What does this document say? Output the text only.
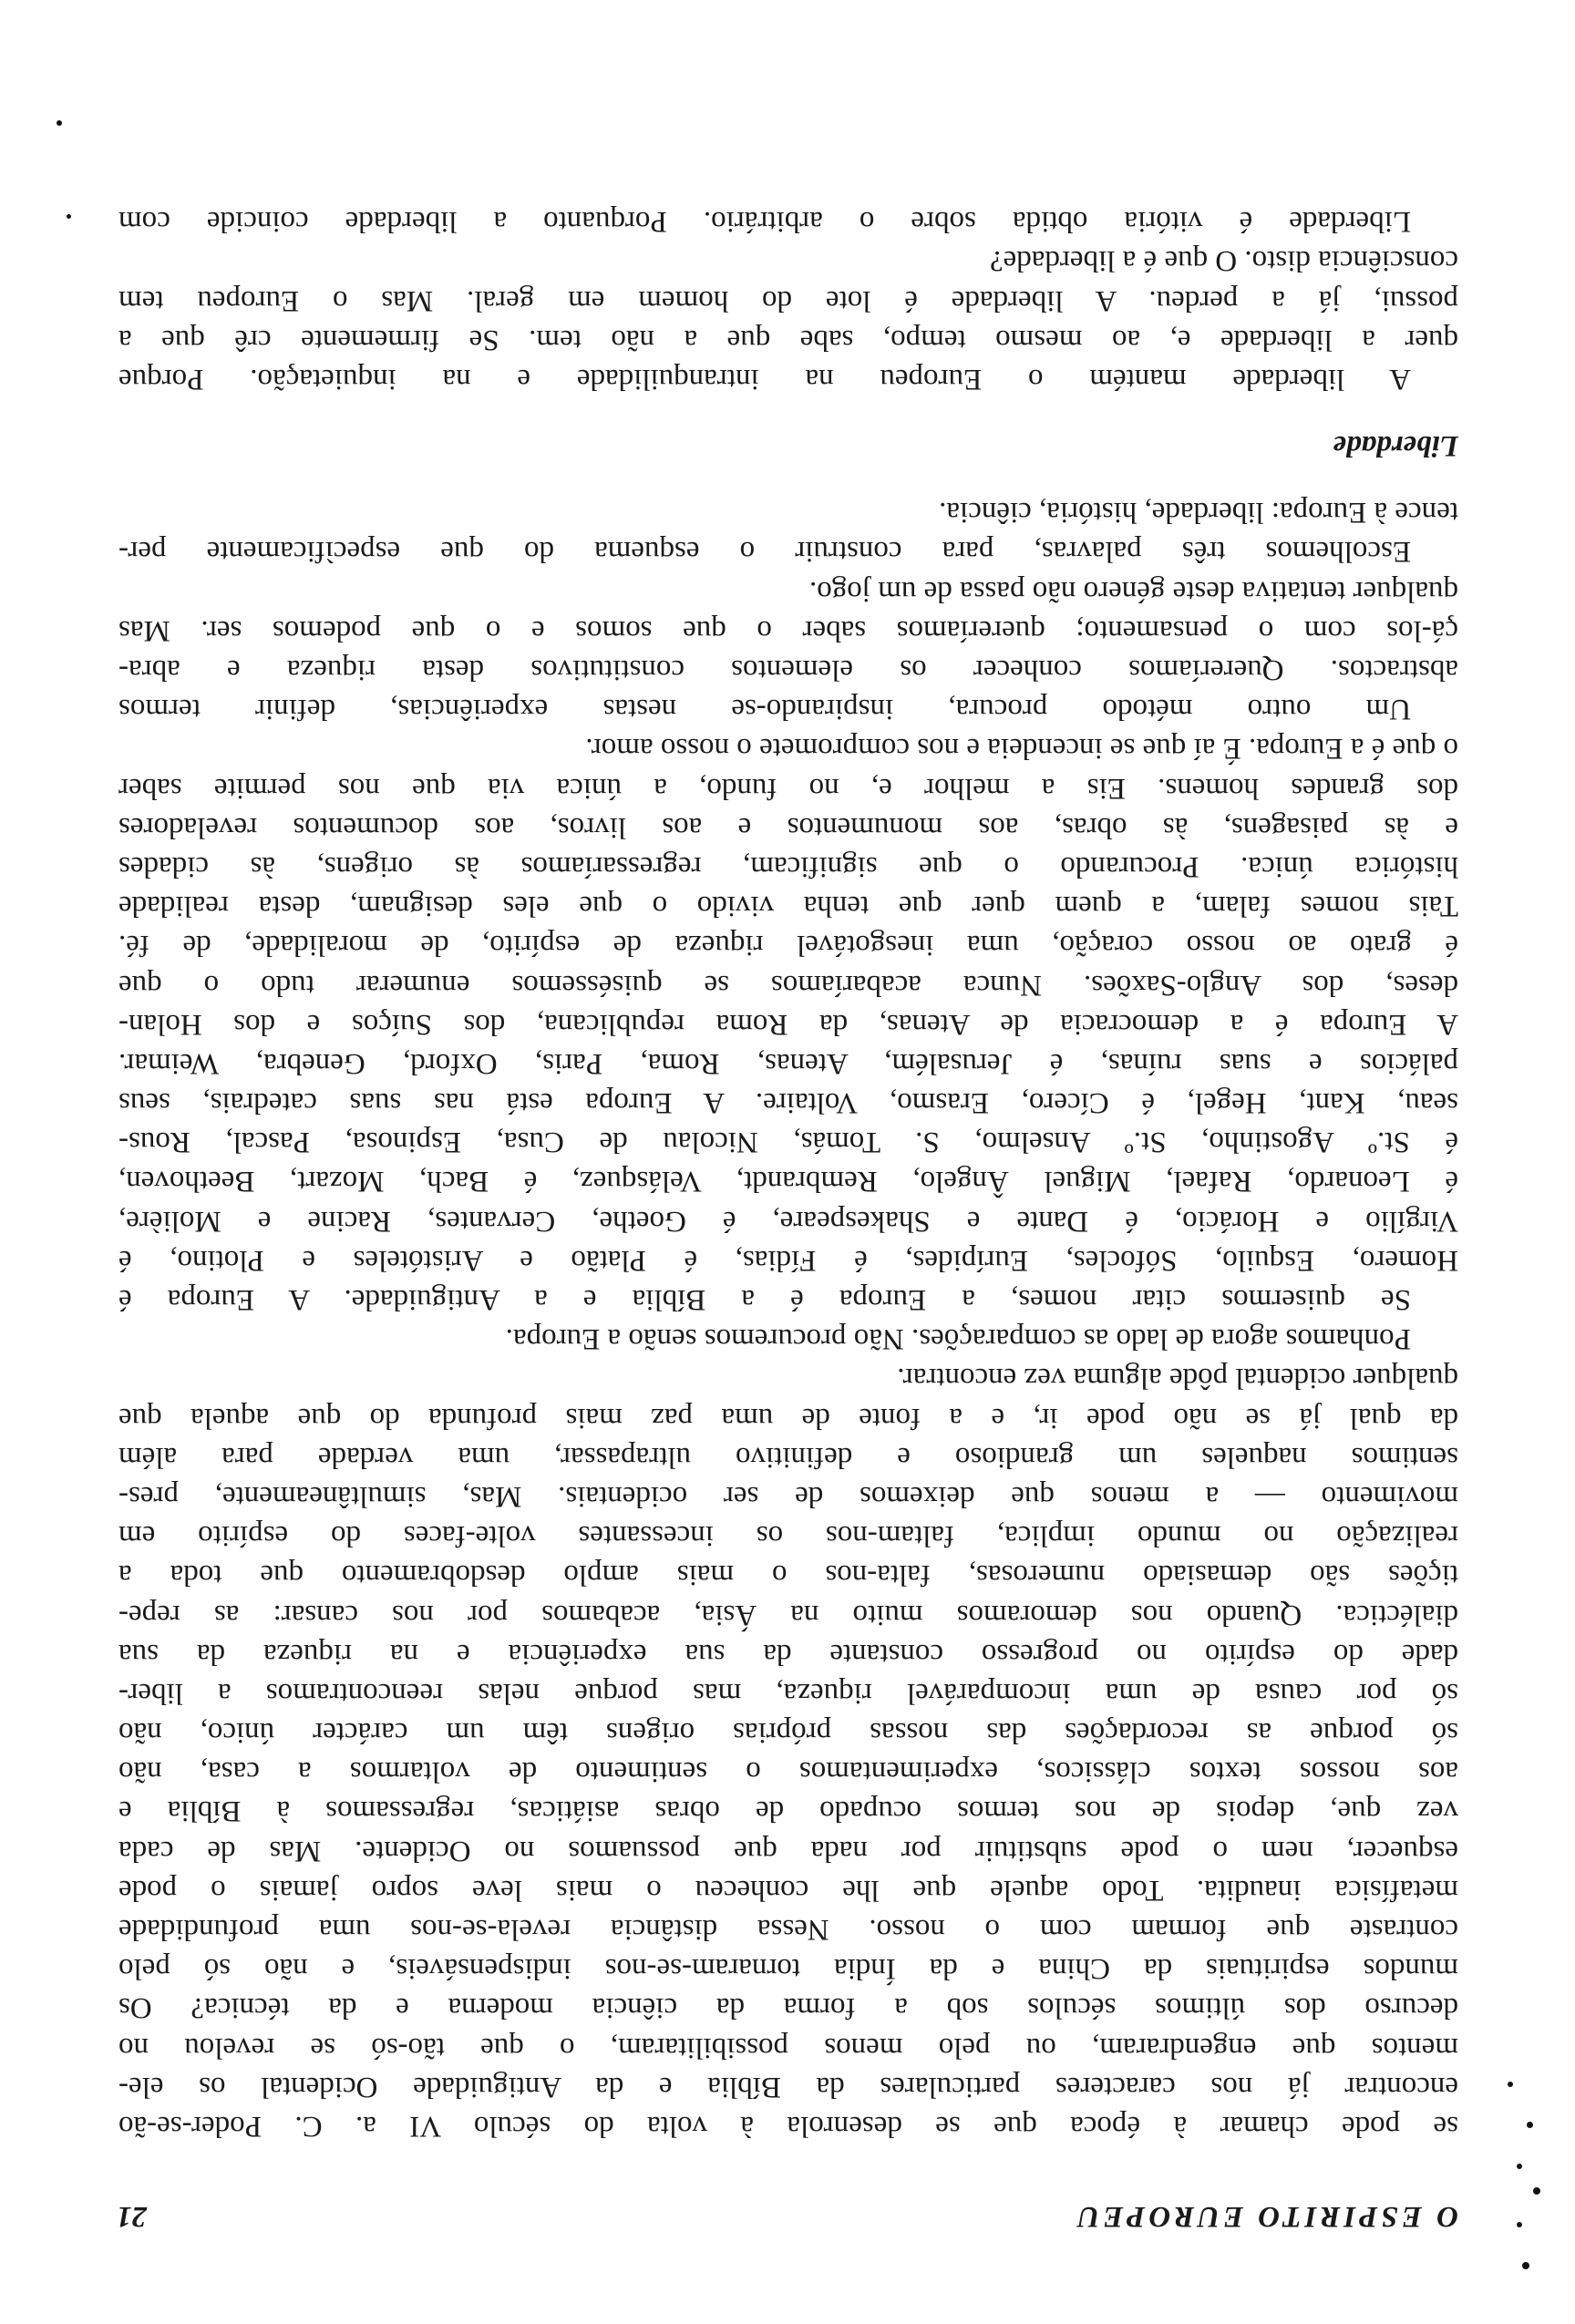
O ESPIRITO EUROPEU
21
se pode chamar à época que se desenrola à volta do século VI a. C. Poder-se-ão
encontrar já nos caracteres particulares da Bíblia e da Antiguidade Ocidental os ele-
mentos que engendraram, ou pelo menos possibilitaram, o que tão-só se revelou no
decurso dos últimos séculos sob a forma da ciência moderna e da técnica? Os
mundos espirituais da China e da Índia tornaram-se-nos indispensáveis, e não só pelo
contraste que formam com o nosso. Nessa distância revela-se-nos uma profundidade
metafísica inaudita. Todo aquele que lhe conheceu o mais leve sopro jamais o pode
esquecer, nem o pode substituir por nada que possuamos no Ocidente. Mas de cada
vez que, depois de nos termos ocupado de obras asiáticas, regressamos à Bíblia e
aos nossos textos clássicos, experimentamos o sentimento de voltarmos a casa, não
só porque as recordações das nossas próprias origens têm um carácter único, não
só por causa de uma incomparável riqueza, mas porque nelas reencontramos a liber-
dade do espírito no progresso constante da sua experiência e na riqueza da sua
dialéctica. Quando nos demoramos muito na Ásia, acabamos por nos cansar: as repe-
tições são demasiado numerosas, falta-nos o mais amplo desdobramento que toda a
realização no mundo implica, faltam-nos os incessantes volte-faces do espírito em
movimento — a menos que deixemos de ser ocidentais. Mas, simultâneamente, pres-
sentimos naqueles um grandioso e definitivo ultrapassar, uma verdade para além
da qual já se não pode ir, e a fonte de uma paz mais profunda do que aquela que
qualquer ocidental pôde alguma vez encontrar.
Ponhamos agora de lado as comparações. Não procuremos senão a Europa.
Se quisermos citar nomes, a Europa é a Bíblia e a Antiguidade. A Europa é
Homero, Esquilo, Sófocles, Eurípides, é Fídias, é Platão e Aristóteles e Plotino, é
Virgílio e Horácio, é Dante e Shakespeare, é Goethe, Cervantes, Racine e Molière,
é Leonardo, Rafael, Miguel Ângelo, Rembrandt, Velásquez, é Bach, Mozart, Beethoven,
é St.º Agostinho, St.º Anselmo, S. Tomás, Nicolau de Cusa, Espinosa, Pascal, Rous-
seau, Kant, Hegel, é Cícero, Erasmo, Voltaire. A Europa está nas suas catedrais, seus
palácios e suas ruínas, é Jerusalém, Atenas, Roma, Paris, Oxford, Genebra, Weimar.
A Europa é a democracia de Atenas, da Roma republicana, dos Suíços e dos Holan-
deses, dos Anglo-Saxões. Nunca acabaríamos se quiséssemos enumerar tudo o que
é grato ao nosso coração, uma inesgotável riqueza de espírito, de moralidade, de fé.
Tais nomes falam, a quem quer que tenha vivido o que eles designam, desta realidade
histórica única. Procurando o que significam, regressaríamos às origens, às cidades
e às paisagens, às obras, aos monumentos e aos livros, aos documentos reveladores
dos grandes homens. Eis a melhor e, no fundo, a única via que nos permite saber
o que é a Europa. É aí que se incendeia e nos compromete o nosso amor.
Um outro método procura, inspirando-se nestas experiências, definir termos
abstractos. Quereríamos conhecer os elementos constitutivos desta riqueza e abra-
çá-los com o pensamento; quereríamos saber o que somos e o que podemos ser. Mas
qualquer tentativa deste género não passa de um jogo.
Escolhemos três palavras, para construir o esquema do que especìficamente per-
tence à Europa: liberdade, história, ciência.
Liberdade
A liberdade mantém o Europeu na intranquilidade e na inquietação. Porque
quer a liberdade e, ao mesmo tempo, sabe que a não tem. Se firmemente crê que a
possui, já a perdeu. A liberdade é lote do homem em geral. Mas o Europeu tem
consciência disto. O que é a liberdade?
Liberdade é vitória obtida sobre o arbitrário. Porquanto a liberdade coincide com
